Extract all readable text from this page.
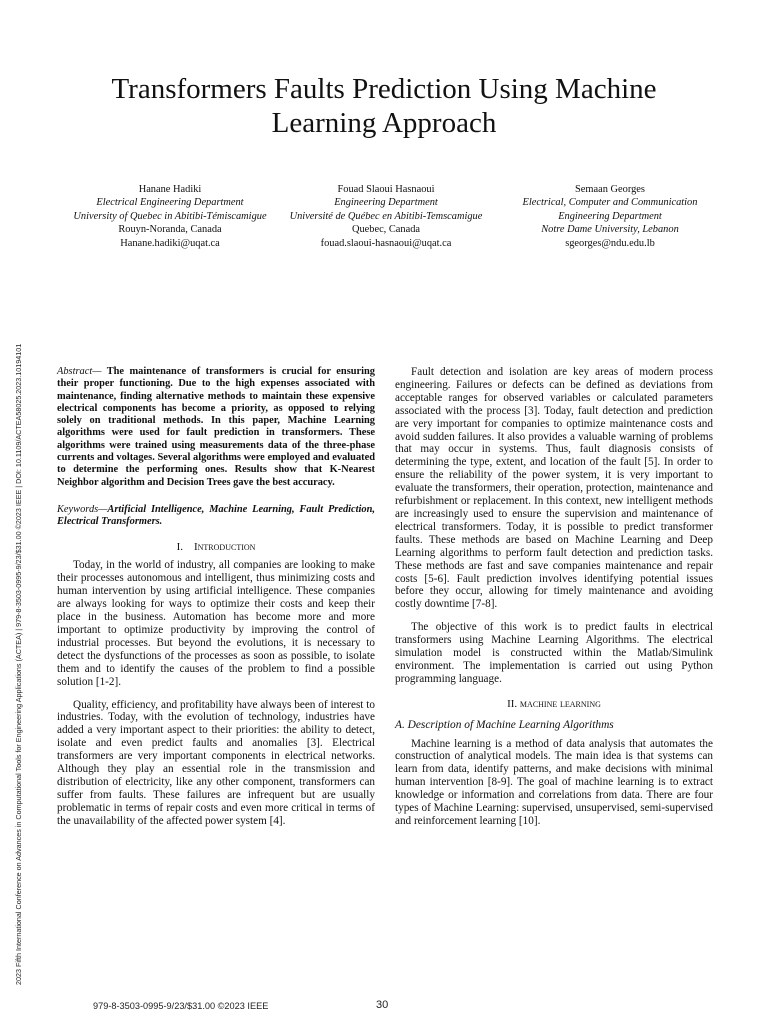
2023 Fifth International Conference on Advances in Computational Tools for Engineering Applications (ACTEA) | 979-8-3503-0995-9/23/$31.00 ©2023 IEEE | DOI: 10.1109/ACTEA58025.2023.10194101
Transformers Faults Prediction Using Machine Learning Approach
Hanane Hadiki
Electrical Engineering Department
University of Quebec in Abitibi-Témiscamigue
Rouyn-Noranda, Canada
Hanane.hadiki@uqat.ca
Fouad Slaoui Hasnaoui
Engineering Department
Université de Québec en Abitibi-Temscamigue
Quebec, Canada
fouad.slaoui-hasnaoui@uqat.ca
Semaan Georges
Electrical, Computer and Communication Engineering Department
Notre Dame University, Lebanon
sgeorges@ndu.edu.lb

Abstract— The maintenance of transformers is crucial for ensuring their proper functioning. Due to the high expenses associated with maintenance, finding alternative methods to maintain these expensive electrical components has become a priority, as opposed to relying solely on traditional methods. In this paper, Machine Learning algorithms were used for fault prediction in transformers. These algorithms were trained using measurements data of the three-phase currents and voltages. Several algorithms were employed and evaluated to determine the performing ones. Results show that K-Nearest Neighbor algorithm and Decision Trees gave the best accuracy.

Keywords—Artificial Intelligence, Machine Learning, Fault Prediction, Electrical Transformers.

I. Introduction

Today, in the world of industry, all companies are looking to make their processes autonomous and intelligent, thus minimizing costs and human intervention by using artificial intelligence. These companies are always looking for ways to optimize their costs and keep their place in the business. Automation has become more and more important to optimize productivity by improving the control of industrial processes. But beyond the evolutions, it is necessary to detect the dysfunctions of the processes as soon as possible, to isolate them and to identify the causes of the problem to find a possible solution [1-2].

Quality, efficiency, and profitability have always been of interest to industries. Today, with the evolution of technology, industries have added a very important aspect to their priorities: the ability to detect, isolate and even predict faults and anomalies [3]. Electrical transformers are very important components in electrical networks. Although they play an essential role in the transmission and distribution of electricity, like any other component, transformers can suffer from faults. These failures are infrequent but are usually problematic in terms of repair costs and even more critical in terms of the unavailability of the affected power system [4].

Fault detection and isolation are key areas of modern process engineering. Failures or defects can be defined as deviations from acceptable ranges for observed variables or calculated parameters associated with the process [3]. Today, fault detection and prediction are very important for companies to optimize maintenance costs and avoid sudden failures. It also provides a valuable warning of problems that may occur in systems. Thus, fault diagnosis consists of determining the type, extent, and location of the fault [5]. In order to ensure the reliability of the power system, it is very important to evaluate the transformers, their operation, protection, maintenance and refurbishment or replacement. In this context, new intelligent methods are increasingly used to ensure the supervision and maintenance of electrical transformers. Today, it is possible to predict transformer faults. These methods are based on Machine Learning and Deep Learning algorithms to perform fault detection and prediction tasks. These methods are fast and save companies maintenance and repair costs [5-6]. Fault prediction involves identifying potential issues before they occur, allowing for timely maintenance and avoiding costly downtime [7-8].

The objective of this work is to predict faults in electrical transformers using Machine Learning Algorithms. The electrical simulation model is constructed within the Matlab/Simulink environment. The implementation is carried out using Python programming language.

II. machine learning
A. Description of Machine Learning Algorithms

Machine learning is a method of data analysis that automates the construction of analytical models. The main idea is that systems can learn from data, identify patterns, and make decisions with minimal human intervention [8-9]. The goal of machine learning is to extract knowledge or information and correlations from data. There are four types of Machine Learning: supervised, unsupervised, semi-supervised and reinforcement learning [10].

979-8-3503-0995-9/23/$31.00 ©2023 IEEE	30
